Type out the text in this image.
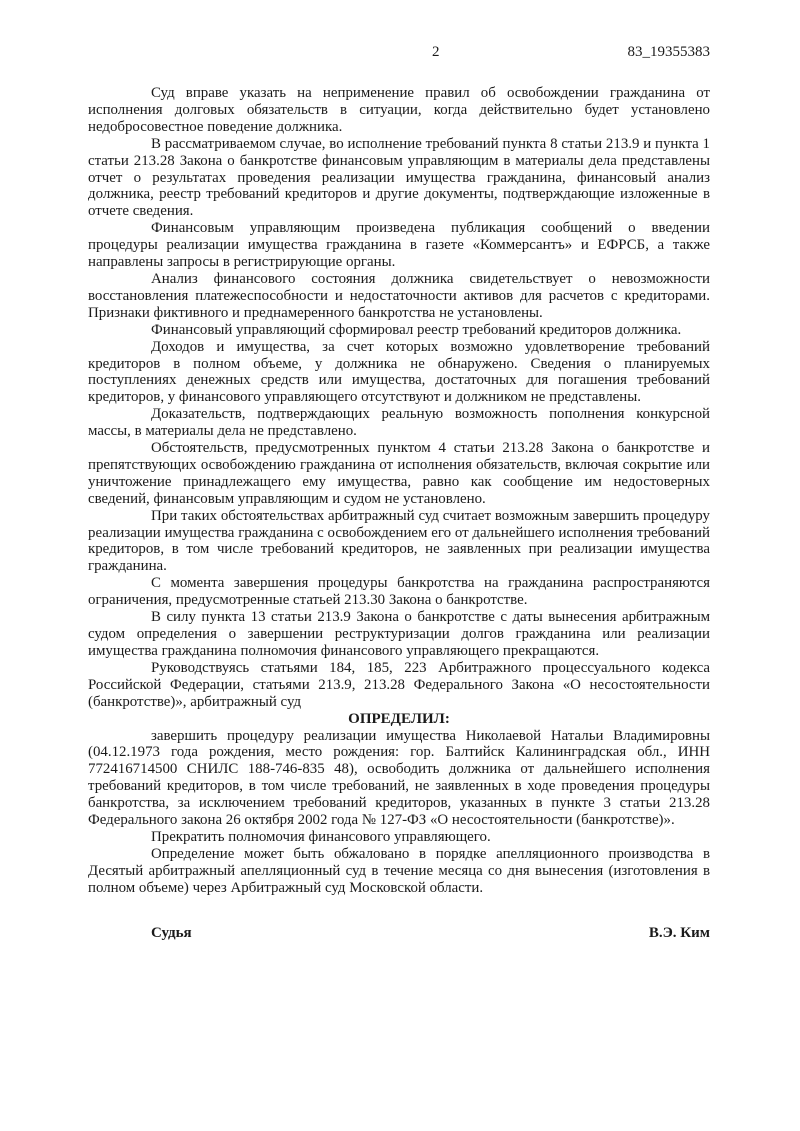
2	83_19355383

Суд вправе указать на неприменение правил об освобождении гражданина от исполнения долговых обязательств в ситуации, когда действительно будет установлено недобросовестное поведение должника.

В рассматриваемом случае, во исполнение требований пункта 8 статьи 213.9 и пункта 1 статьи 213.28 Закона о банкротстве финансовым управляющим в материалы дела представлены отчет о результатах проведения реализации имущества гражданина, финансовый анализ должника, реестр требований кредиторов и другие документы, подтверждающие изложенные в отчете сведения.

Финансовым управляющим произведена публикация сообщений о введении процедуры реализации имущества гражданина в газете «Коммерсантъ» и ЕФРСБ, а также направлены запросы в регистрирующие органы.

Анализ финансового состояния должника свидетельствует о невозможности восстановления платежеспособности и недостаточности активов для расчетов с кредиторами. Признаки фиктивного и преднамеренного банкротства не установлены.

Финансовый управляющий сформировал реестр требований кредиторов должника.

Доходов и имущества, за счет которых возможно удовлетворение требований кредиторов в полном объеме, у должника не обнаружено. Сведения о планируемых поступлениях денежных средств или имущества, достаточных для погашения требований кредиторов, у финансового управляющего отсутствуют и должником не представлены.

Доказательств, подтверждающих реальную возможность пополнения конкурсной массы, в материалы дела не представлено.

Обстоятельств, предусмотренных пунктом 4 статьи 213.28 Закона о банкротстве и препятствующих освобождению гражданина от исполнения обязательств, включая сокрытие или уничтожение принадлежащего ему имущества, равно как сообщение им недостоверных сведений, финансовым управляющим и судом не установлено.

При таких обстоятельствах арбитражный суд считает возможным завершить процедуру реализации имущества гражданина с освобождением его от дальнейшего исполнения требований кредиторов, в том числе требований кредиторов, не заявленных при реализации имущества гражданина.

С момента завершения процедуры банкротства на гражданина распространяются ограничения, предусмотренные статьей 213.30 Закона о банкротстве.

В силу пункта 13 статьи 213.9 Закона о банкротстве с даты вынесения арбитражным судом определения о завершении реструктуризации долгов гражданина или реализации имущества гражданина полномочия финансового управляющего прекращаются.

Руководствуясь статьями 184, 185, 223 Арбитражного процессуального кодекса Российской Федерации, статьями 213.9, 213.28 Федерального Закона «О несостоятельности (банкротстве)», арбитражный суд

ОПРЕДЕЛИЛ:

завершить процедуру реализации имущества Николаевой Натальи Владимировны (04.12.1973 года рождения, место рождения: гор. Балтийск Калининградская обл., ИНН 772416714500 СНИЛС 188-746-835 48), освободить должника от дальнейшего исполнения требований кредиторов, в том числе требований, не заявленных в ходе проведения процедуры банкротства, за исключением требований кредиторов, указанных в пункте 3 статьи 213.28 Федерального закона 26 октября 2002 года № 127-ФЗ «О несостоятельности (банкротстве)».

Прекратить полномочия финансового управляющего.

Определение может быть обжаловано в порядке апелляционного производства в Десятый арбитражный апелляционный суд в течение месяца со дня вынесения (изготовления в полном объеме) через Арбитражный суд Московской области.

Судья	В.Э. Ким
